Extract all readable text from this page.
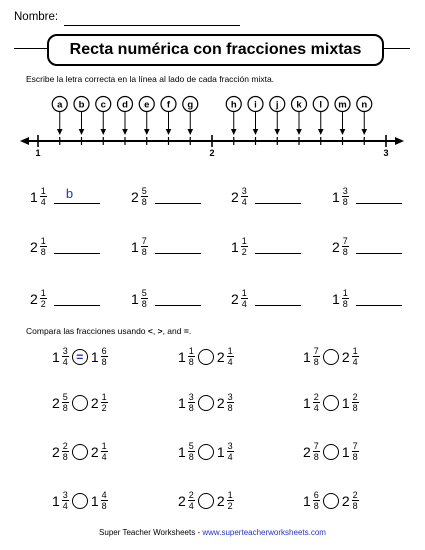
Nombre:
Recta numérica con fracciones mixtas
Escribe la letra correcta en la línea al lado de cada fracción mixta.
1	2	3
a b c d e f g	h i j k l m n
$1 \frac{1}{4}$ b	$2 \frac{5}{8}$	$2 \frac{3}{4}$	$1 \frac{3}{8}$
$2 \frac{1}{8}$	$1 \frac{7}{8}$	$1 \frac{1}{2}$	$2 \frac{7}{8}$
$2 \frac{1}{2}$	$1 \frac{5}{8}$	$2 \frac{1}{4}$	$1 \frac{1}{8}$
Compara las fracciones usando <, >, and =.
$1 \frac{3}{4} = 1 \frac{6}{8}$	$1 \frac{1}{8} 2 \frac{1}{4}$	$1 \frac{7}{8} 2 \frac{1}{4}$
$2 \frac{5}{8} 2 \frac{1}{2}$	$1 \frac{3}{8} 2 \frac{3}{8}$	$1 \frac{2}{4} 1 \frac{2}{8}$
$2 \frac{2}{8} 2 \frac{1}{4}$	$1 \frac{5}{8} 1 \frac{3}{4}$	$2 \frac{7}{8} 1 \frac{7}{8}$
$1 \frac{3}{4} 1 \frac{4}{8}$	$2 \frac{2}{4} 2 \frac{1}{2}$	$1 \frac{6}{8} 2 \frac{2}{8}$
Super Teacher Worksheets - www.superteacherworksheets.com
